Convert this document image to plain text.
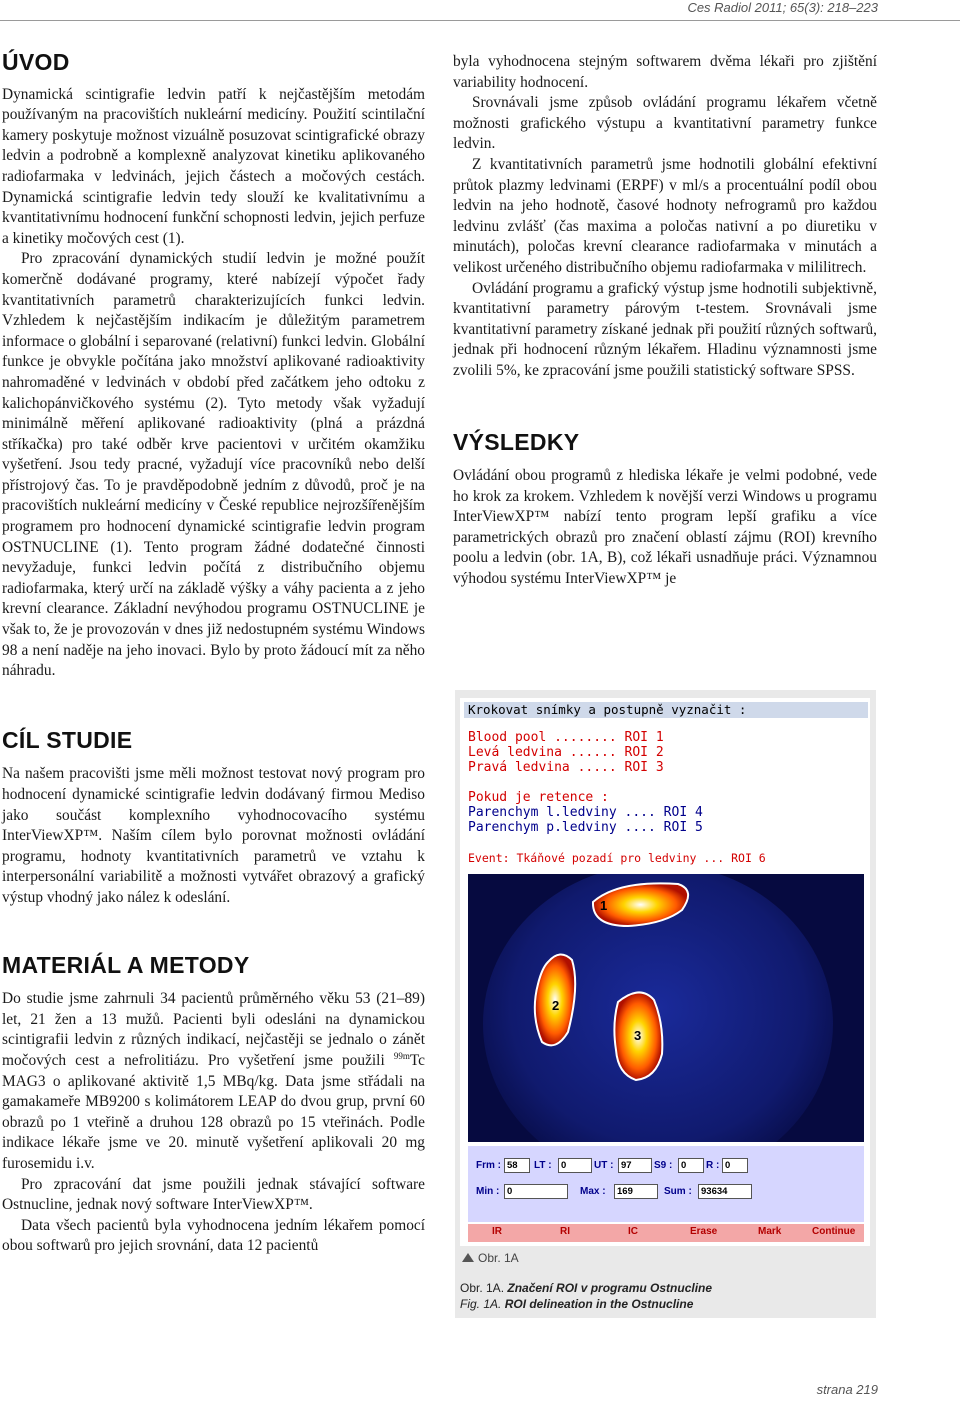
Ces Radiol 2011; 65(3): 218–223
ÚVOD

Dynamická scintigrafie ledvin patří k nejčastějším metodám používaným na pracovištích nukleární medicíny. Použití scintilační kamery poskytuje možnost vizuálně posuzovat scintigrafické obrazy ledvin a podrobně a komplexně analyzovat kinetiku aplikovaného radiofarmaka v ledvinách, jejich částech a močových cestách. Dynamická scintigrafie ledvin tedy slouží ke kvalitativnímu a kvantitativnímu hodnocení funkční schopnosti ledvin, jejich perfuze a kinetiky močových cest (1).

Pro zpracování dynamických studií ledvin je možné použít komerčně dodávané programy, které nabízejí výpočet řady kvantitativních parametrů charakterizujících funkci ledvin. Vzhledem k nejčastějším indikacím je důležitým parametrem informace o globální i separované (relativní) funkci ledvin. Globální funkce je obvykle počítána jako množství aplikované radioaktivity nahromaděné v ledvinách v období před začátkem jeho odtoku z kalichopánvičkového systému (2). Tyto metody však vyžadují minimálně měření aplikované radioaktivity (plná a prázdná stříkačka) pro také odběr krve pacientovi v určitém okamžiku vyšetření. Jsou tedy pracné, vyžadují více pracovníků nebo delší přístrojový čas. To je pravděpodobně jedním z důvodů, proč je na pracovištích nukleární medicíny v České republice nejrozšířenějším programem pro hodnocení dynamické scintigrafie ledvin program OSTNUCLINE (1). Tento program žádné dodatečné činnosti nevyžaduje, funkci ledvin počítá z distribučního objemu radiofarmaka, který určí na základě výšky a váhy pacienta a z jeho krevní clearance. Základní nevýhodou programu OSTNUCLINE je však to, že je provozován v dnes již nedostupném systému Windows 98 a není naděje na jeho inovaci. Bylo by proto žádoucí mít za něho náhradu.

CÍL STUDIE

Na našem pracovišti jsme měli možnost testovat nový program pro hodnocení dynamické scintigrafie ledvin dodávaný firmou Mediso jako součást komplexního vyhodnocovacího systému InterViewXP™. Naším cílem bylo porovnat možnosti ovládání programu, hodnoty kvantitativních parametrů ve vztahu k interpersonální variabilitě a možnosti vytvářet obrazový a grafický výstup vhodný jako nález k odeslání.

MATERIÁL A METODY

Do studie jsme zahrnuli 34 pacientů průměrného věku 53 (21–89) let, 21 žen a 13 mužů. Pacienti byli odesláni na dynamickou scintigrafii ledvin z různých indikací, nejčastěji se jednalo o zánět močových cest a nefrolitiázu. Pro vyšetření jsme použili $^{99m}$Tc MAG3 o aplikované aktivitě 1,5 MBq/kg. Data jsme střádali na gamakameře MB9200 s kolimátorem LEAP do dvou grup, první 60 obrazů po 1 vteřině a druhou 128 obrazů po 15 vteřinách. Podle indikace lékaře jsme ve 20. minutě vyšetření aplikovali 20 mg furosemidu i.v.

Pro zpracování dat jsme použili jednak stávající software Ostnucline, jednak nový software InterViewXP™.

Data všech pacientů byla vyhodnocena jedním lékařem pomocí obou softwarů pro jejich srovnání, data 12 pacientů

byla vyhodnocena stejným softwarem dvěma lékaři pro zjištění variability hodnocení.

Srovnávali jsme způsob ovládání programu lékařem včetně možnosti grafického výstupu a kvantitativní parametry funkce ledvin.

Z kvantitativních parametrů jsme hodnotili globální efektivní průtok plazmy ledvinami (ERPF) v ml/s a procentuální podíl obou ledvin na jeho hodnotě, časové hodnoty nefrogramů pro každou ledvinu zvlášť (čas maxima a poločas nativní a po diuretiku v minutách), poločas krevní clearance radiofarmaka v minutách a velikost určeného distribučního objemu radiofarmaka v mililitrech.

Ovládání programu a grafický výstup jsme hodnotili subjektivně, kvantitativní parametry párovým t-testem. Srovnávali jsme kvantitativní parametry získané jednak při použití různých softwarů, jednak při hodnocení různým lékařem. Hladinu významnosti jsme zvolili 5%, ke zpracování jsme použili statistický software SPSS.

VÝSLEDKY

Ovládání obou programů z hlediska lékaře je velmi podobné, vede ho krok za krokem. Vzhledem k novější verzi Windows u programu InterViewXP™ nabízí tento program lepší grafiku a více parametrických obrazů pro značení oblastí zájmu (ROI) krevního poolu a ledvin (obr. 1A, B), což lékaři usnadňuje práci. Významnou výhodou systému InterViewXP™ je

Krokovat snímky a postupně vyznačit :
Blood pool ........ ROI 1
Levá ledvina ...... ROI 2
Pravá ledvina ..... ROI 3
Pokud je retence :
Parenchym l.ledviny .... ROI 4
Parenchym p.ledviny .... ROI 5
Event: Tkáňové pozadí pro ledviny ... ROI 6
1
2
3
Frm : 58	LT : 0	UT : 97	S9 : 0	R : 0
Min : 0	Max :	169	Sum : 93634
IR	RI	IC	Erase	Mark	Continue
Obr. 1A
Obr. 1A. Značení ROI v programu Ostnucline
Fig. 1A. ROI delineation in the Ostnucline
strana 219
